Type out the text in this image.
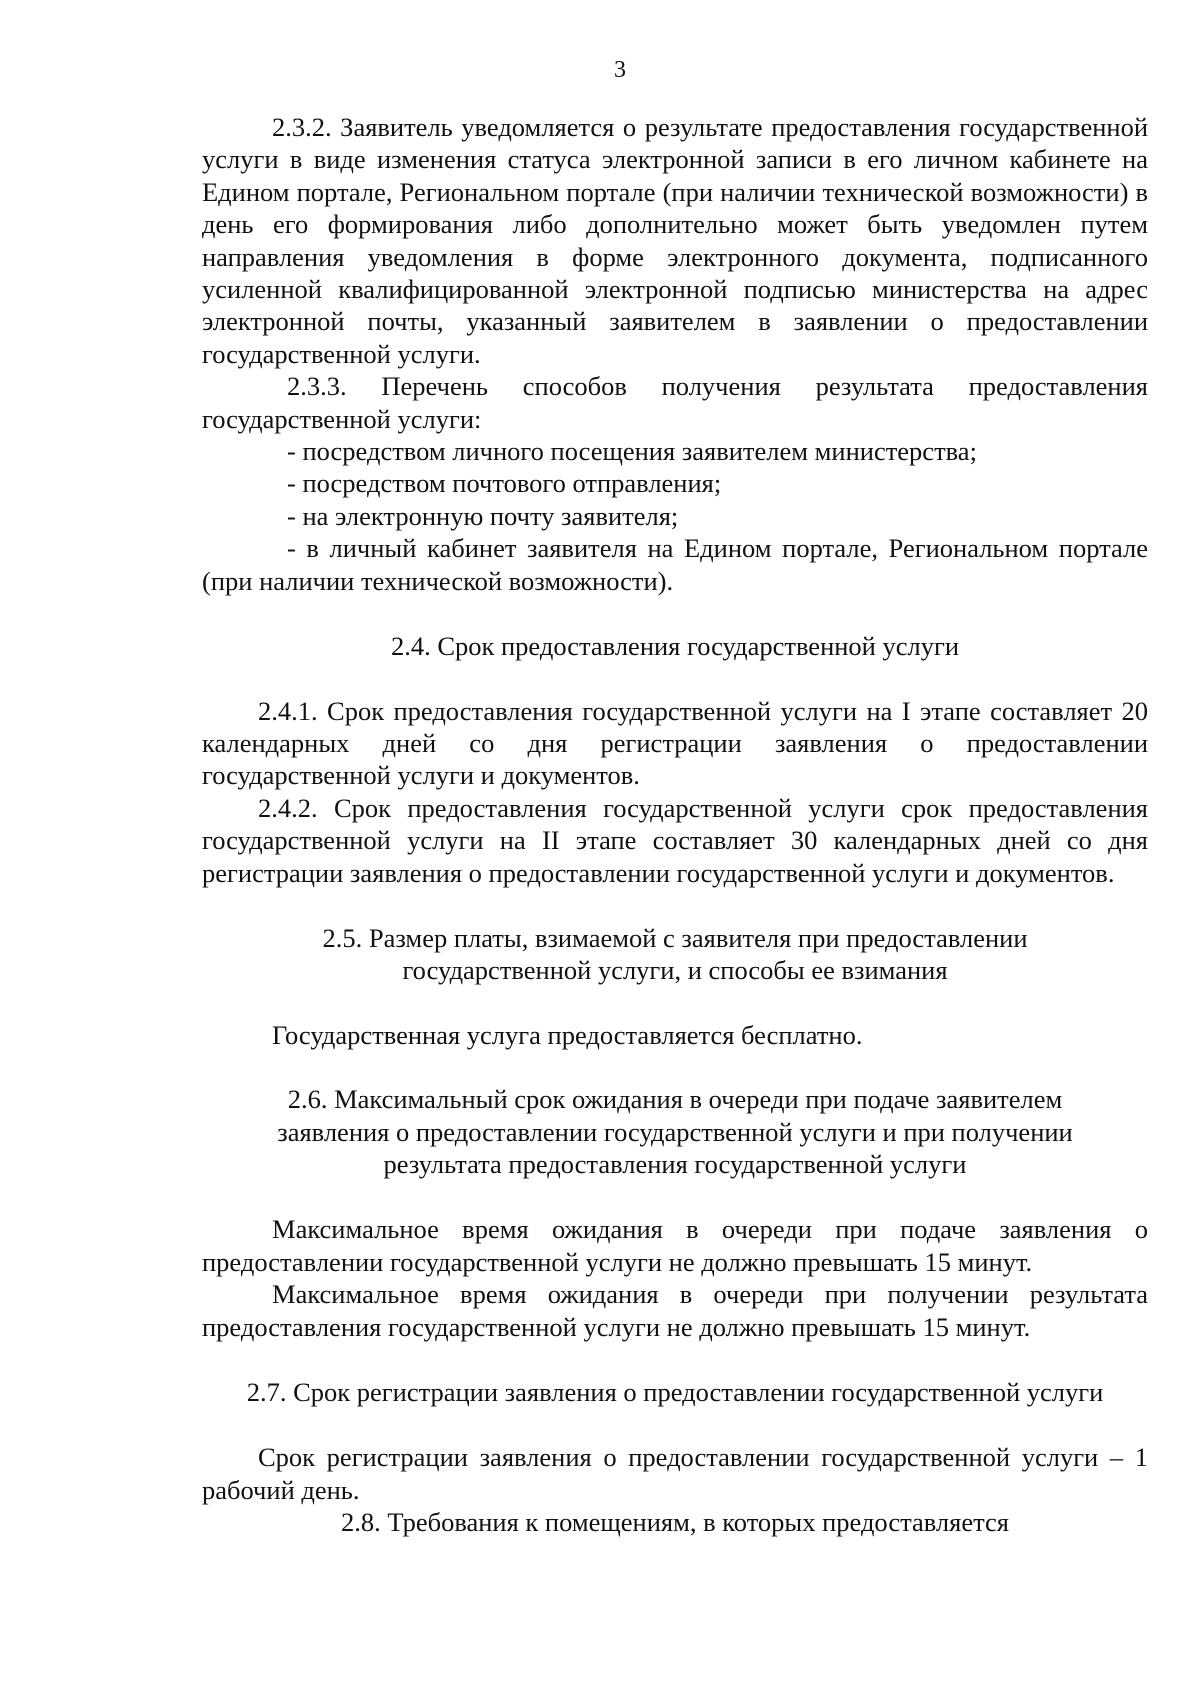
3

2.3.2. Заявитель уведомляется о результате предоставления государственной услуги в виде изменения статуса электронной записи в его личном кабинете на Едином портале, Региональном портале (при наличии технической возможности) в день его формирования либо дополнительно может быть уведомлен путем направления уведомления в форме электронного документа, подписанного усиленной квалифицированной электронной подписью министерства на адрес электронной почты, указанный заявителем в заявлении о предоставлении государственной услуги.

2.3.3. Перечень способов получения результата предоставления государственной услуги:

- посредством личного посещения заявителем министерства;

- посредством почтового отправления;

- на электронную почту заявителя;

- в личный кабинет заявителя на Едином портале, Региональном портале (при наличии технической возможности).

2.4. Срок предоставления государственной услуги

2.4.1. Срок предоставления государственной услуги на I этапе составляет 20 календарных дней со дня регистрации заявления о предоставлении государственной услуги и документов.

2.4.2. Срок предоставления государственной услуги срок предоставления государственной услуги на II этапе составляет 30 календарных дней со дня регистрации заявления о предоставлении государственной услуги и документов.

2.5. Размер платы, взимаемой с заявителя при предоставлении

государственной услуги, и способы ее взимания

Государственная услуга предоставляется бесплатно.

2.6. Максимальный срок ожидания в очереди при подаче заявителем

заявления о предоставлении государственной услуги и при получении

результата предоставления государственной услуги

Максимальное время ожидания в очереди при подаче заявления о предоставлении государственной услуги не должно превышать 15 минут.

Максимальное время ожидания в очереди при получении результата предоставления государственной услуги не должно превышать 15 минут.

2.7. Срок регистрации заявления о предоставлении государственной услуги

Срок регистрации заявления о предоставлении государственной услуги – 1 рабочий день.

2.8. Требования к помещениям, в которых предоставляется
